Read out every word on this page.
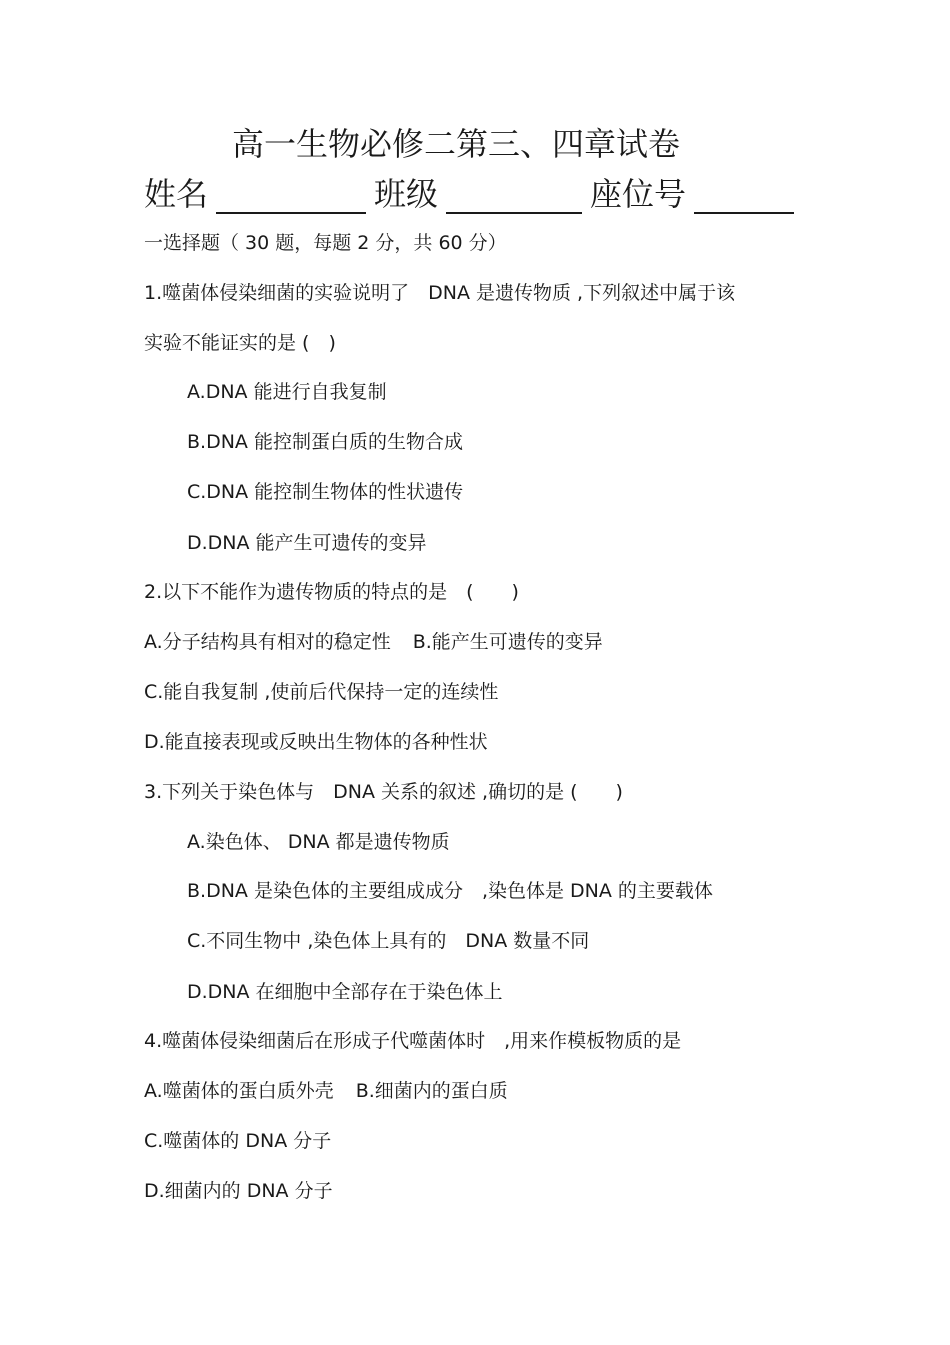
高一生物必修二第三、四章试卷
姓名	班级	座位号
一选择题（ 30 题，每题 2 分，共 60 分）
1.噬菌体侵染细菌的实验说明了　DNA 是遗传物质 ,下列叙述中属于该
实验不能证实的是 (　)
A.DNA 能进行自我复制
B.DNA 能控制蛋白质的生物合成
C.DNA 能控制生物体的性状遗传
D.DNA 能产生可遗传的变异
2.以下不能作为遗传物质的特点的是　(　　)
A.分子结构具有相对的稳定性 B.能产生可遗传的变异
C.能自我复制 ,使前后代保持一定的连续性
D.能直接表现或反映出生物体的各种性状
3.下列关于染色体与　DNA 关系的叙述 ,确切的是 (　　)
A.染色体、 DNA 都是遗传物质
B.DNA 是染色体的主要组成成分　,染色体是 DNA 的主要载体
C.不同生物中 ,染色体上具有的　DNA 数量不同
D.DNA 在细胞中全部存在于染色体上
4.噬菌体侵染细菌后在形成子代噬菌体时　,用来作模板物质的是
A.噬菌体的蛋白质外壳 B.细菌内的蛋白质
C.噬菌体的 DNA 分子
D.细菌内的 DNA 分子
